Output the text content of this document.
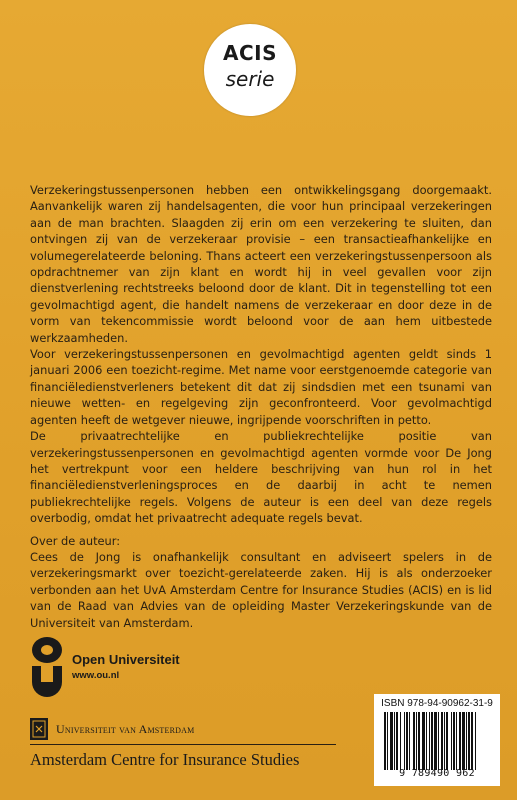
ACIS
serie

Verzekeringstussenpersonen hebben een ontwikkelingsgang doorgemaakt. Aanvankelijk waren zij handelsagenten, die voor hun principaal verzekeringen aan de man brachten. Slaagden zij erin om een verzekering te sluiten, dan ontvingen zij van de verzekeraar provisie – een transactieafhankelijke en volumegerelateerde beloning. Thans acteert een verzekeringstussenpersoon als opdrachtnemer van zijn klant en wordt hij in veel gevallen voor zijn dienstverlening rechtstreeks beloond door de klant. Dit in tegenstelling tot een gevolmachtigd agent, die handelt namens de verzekeraar en door deze in de vorm van tekencommissie wordt beloond voor de aan hem uitbestede werkzaamheden.

Voor verzekeringstussenpersonen en gevolmachtigd agenten geldt sinds 1 januari 2006 een toezicht-regime. Met name voor eerstgenoemde categorie van financiëledienstverleners betekent dit dat zij sindsdien met een tsunami van nieuwe wetten- en regelgeving zijn geconfronteerd. Voor gevolmachtigd agenten heeft de wetgever nieuwe, ingrijpende voorschriften in petto.

De privaatrechtelijke en publiekrechtelijke positie van verzekeringstussenpersonen en gevolmachtigd agenten vormde voor De Jong het vertrekpunt voor een heldere beschrijving van hun rol in het financiëledienstverleningsproces en de daarbij in acht te nemen publiekrechtelijke regels. Volgens de auteur is een deel van deze regels overbodig, omdat het privaatrecht adequate regels bevat.

Over de auteur:

Cees de Jong is onafhankelijk consultant en adviseert spelers in de verzekeringsmarkt over toezicht-gerelateerde zaken. Hij is als onderzoeker verbonden aan het UvA Amsterdam Centre for Insurance Studies (ACIS) en is lid van de Raad van Advies van de opleiding Master Verzekeringskunde van de Universiteit van Amsterdam.

Open Universiteit
www.ou.nl
Universiteit van Amsterdam
Amsterdam Centre for Insurance Studies
ISBN 978-94-90962-31-9
9 789490 962
